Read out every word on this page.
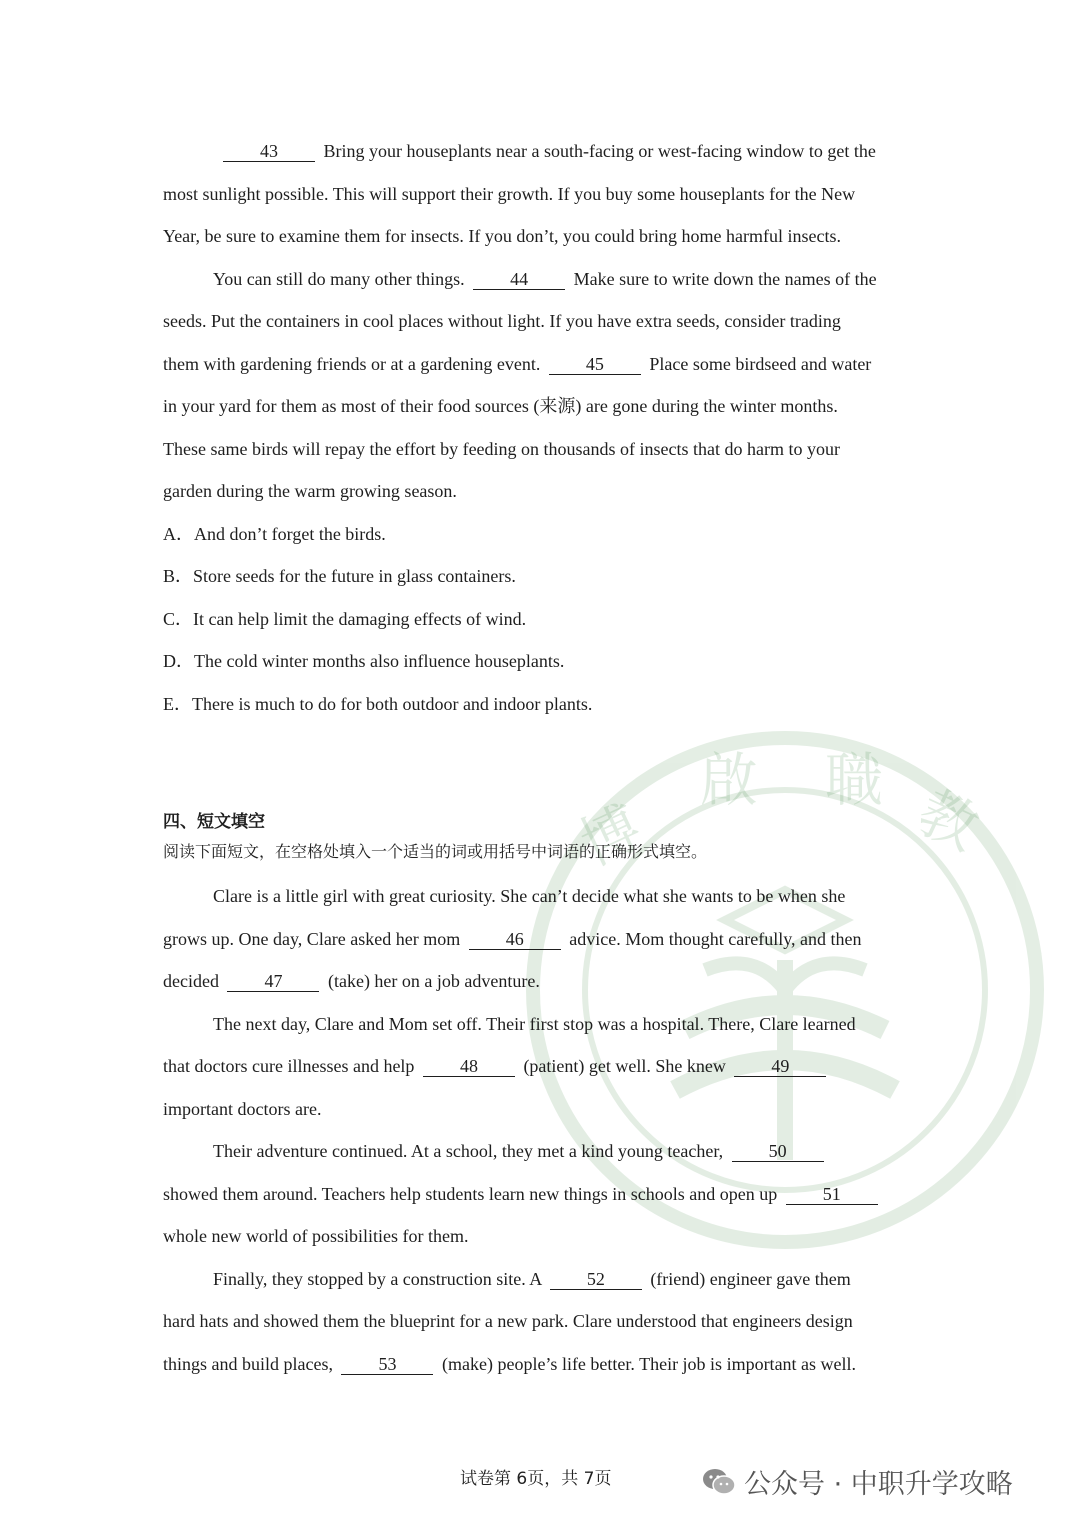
博
啟 職 教
43	Bring your houseplants near a south-facing or west-facing window to get the
most sunlight possible. This will support their growth. If you buy some houseplants for the New
Year, be sure to examine them for insects. If you don’t, you could bring home harmful insects.
You can still do many other things.	44	Make sure to write down the names of the
seeds. Put the containers in cool places without light. If you have extra seeds, consider trading
them with gardening friends or at a gardening event.	45	Place some birdseed and water
in your yard for them as most of their food sources (来源) are gone during the winter months.
These same birds will repay the effort by feeding on thousands of insects that do harm to your
garden during the warm growing season.
A．And don’t forget the birds.
B．Store seeds for the future in glass containers.
C．It can help limit the damaging effects of wind.
D．The cold winter months also influence houseplants.
E．There is much to do for both outdoor and indoor plants.
四、短文填空
阅读下面短文，在空格处填入一个适当的词或用括号中词语的正确形式填空。
Clare is a little girl with great curiosity. She can’t decide what she wants to be when she
grows up. One day, Clare asked her mom	46	advice. Mom thought carefully, and then
decided	47	(take) her on a job adventure.
The next day, Clare and Mom set off. Their first stop was a hospital. There, Clare learned
that doctors cure illnesses and help	48	(patient) get well. She knew	49
important doctors are.
Their adventure continued. At a school, they met a kind young teacher,	50
showed them around. Teachers help students learn new things in schools and open up	51
whole new world of possibilities for them.
Finally, they stopped by a construction site. A	52	(friend) engineer gave them
hard hats and showed them the blueprint for a new park. Clare understood that engineers design
things and build places,	53	(make) people’s life better. Their job is important as well.
试卷第 6页，共 7页	公众号 · 中职升学攻略
